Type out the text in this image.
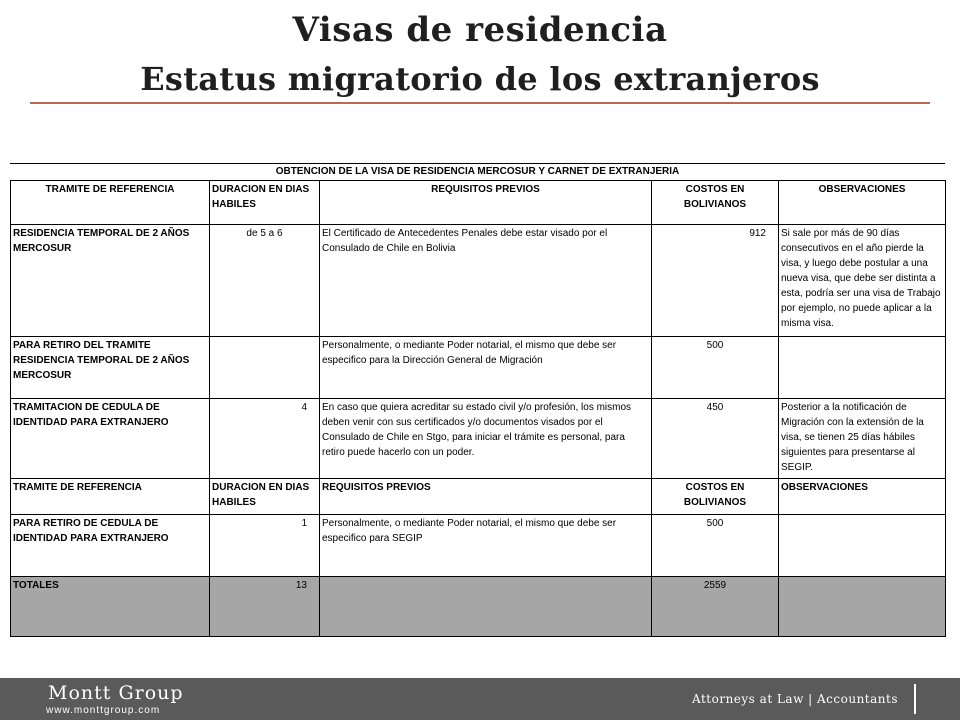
Visas de residencia
Estatus migratorio de los extranjeros
OBTENCION DE LA VISA DE RESIDENCIA MERCOSUR Y CARNET DE EXTRANJERIA
TRAMITE DE REFERENCIA	DURACION EN DIAS HABILES	REQUISITOS PREVIOS	COSTOS EN BOLIVIANOS	OBSERVACIONES
RESIDENCIA TEMPORAL DE 2 AÑOS MERCOSUR	de 5 a 6	El Certificado de Antecedentes Penales debe estar visado por el Consulado de Chile en Bolivia	912	Si sale por más de 90 días consecutivos en el año pierde la visa, y luego debe postular a una nueva visa, que debe ser distinta a esta, podría ser una visa de Trabajo por ejemplo, no puede aplicar a la misma visa.
PARA RETIRO DEL TRAMITE RESIDENCIA TEMPORAL DE 2 AÑOS MERCOSUR		Personalmente, o mediante Poder notarial, el mismo que debe ser especifico para la Dirección General de Migración	500	
TRAMITACION DE CEDULA DE IDENTIDAD PARA EXTRANJERO	4	En caso que quiera acreditar su estado civil y/o profesión, los mismos deben venir con sus certificados y/o documentos visados por el Consulado de Chile en Stgo, para iniciar el trámite es personal, para retiro puede hacerlo con un poder.	450	Posterior a la notificación de Migración con la extensión de la visa, se tienen 25 días hábiles siguientes para presentarse al SEGIP.
TRAMITE DE REFERENCIA	DURACION EN DIAS HABILES	REQUISITOS PREVIOS	COSTOS EN BOLIVIANOS	OBSERVACIONES
PARA RETIRO DE CEDULA DE IDENTIDAD PARA EXTRANJERO	1	Personalmente, o mediante Poder notarial, el mismo que debe ser especifico para SEGIP	500	
TOTALES	13		2559	
Montt Group
www.monttgroup.com
Attorneys at Law | Accountants
